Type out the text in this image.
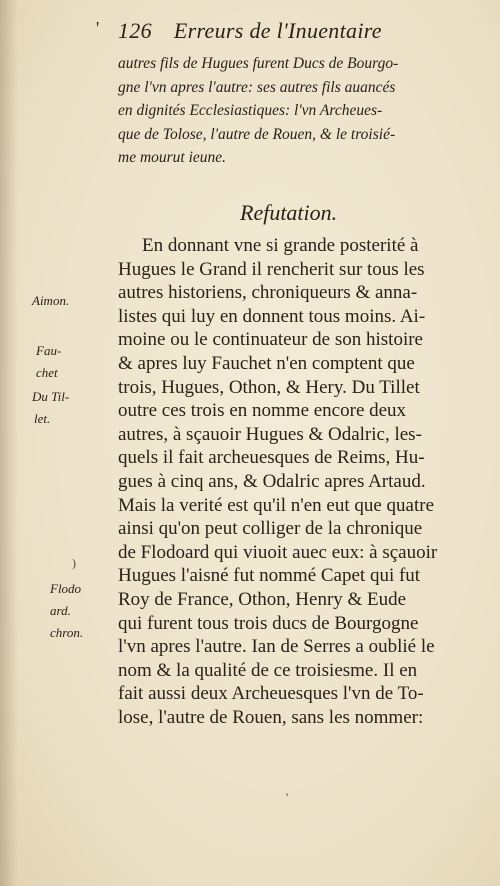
' 126 Erreurs de l'Inuentaire
autres fils de Hugues furent Ducs de Bourgo-
gne l'vn apres l'autre: ses autres fils auancés
en dignités Ecclesiastiques: l'vn Archeues-
que de Tolose, l'autre de Rouen, & le troisié-
me mourut ieune.
Refutation.
En donnant vne si grande posterité à
Hugues le Grand il rencherit sur tous les
autres historiens, chroniqueurs & anna-
listes qui luy en donnent tous moins. Ai-
moine ou le continuateur de son histoire
& apres luy Fauchet n'en comptent que
trois, Hugues, Othon, & Hery. Du Tillet
outre ces trois en nomme encore deux
autres, à sçauoir Hugues & Odalric, les-
quels il fait archeuesques de Reims, Hu-
gues à cinq ans, & Odalric apres Artaud.
Mais la verité est qu'il n'en eut que quatre
ainsi qu'on peut colliger de la chronique
de Flodoard qui viuoit auec eux: à sçauoir
Hugues l'aisné fut nommé Capet qui fut
Roy de France, Othon, Henry & Eude
qui furent tous trois ducs de Bourgogne
l'vn apres l'autre. Ian de Serres a oublié le
nom & la qualité de ce troisiesme. Il en
fait aussi deux Archeuesques l'vn de To-
lose, l'autre de Rouen, sans les nommer:
Aimon.
Fau-
chet
Du Til-
let.
Flodo
ard.
chron.
)
'
